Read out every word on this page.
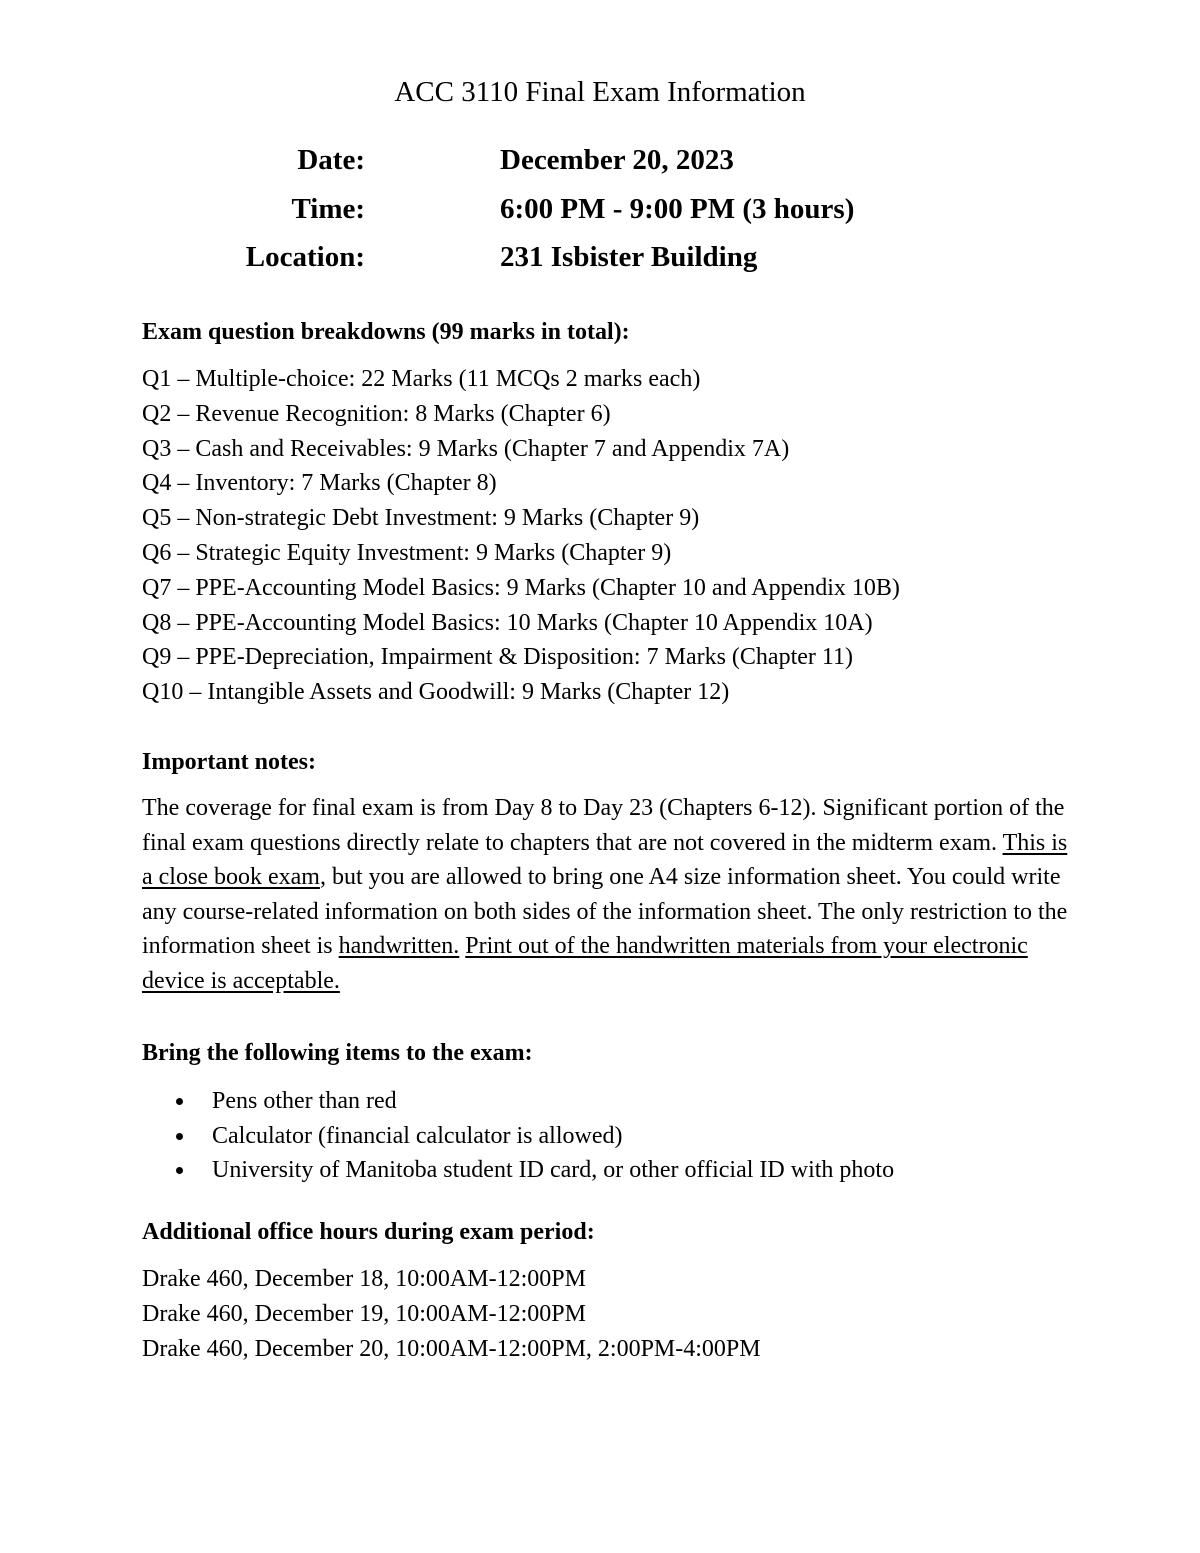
ACC 3110 Final Exam Information
Date:	December 20, 2023
Time:	6:00 PM - 9:00 PM (3 hours)
Location:	231 Isbister Building
Exam question breakdowns (99 marks in total):
Q1 – Multiple-choice: 22 Marks (11 MCQs 2 marks each)
Q2 – Revenue Recognition: 8 Marks (Chapter 6)
Q3 – Cash and Receivables: 9 Marks (Chapter 7 and Appendix 7A)
Q4 – Inventory: 7 Marks (Chapter 8)
Q5 – Non-strategic Debt Investment: 9 Marks (Chapter 9)
Q6 – Strategic Equity Investment: 9 Marks (Chapter 9)
Q7 – PPE-Accounting Model Basics: 9 Marks (Chapter 10 and Appendix 10B)
Q8 – PPE-Accounting Model Basics: 10 Marks (Chapter 10 Appendix 10A)
Q9 – PPE-Depreciation, Impairment & Disposition: 7 Marks (Chapter 11)
Q10 – Intangible Assets and Goodwill: 9 Marks (Chapter 12)
Important notes:

The coverage for final exam is from Day 8 to Day 23 (Chapters 6-12). Significant portion of the final exam questions directly relate to chapters that are not covered in the midterm exam. This is a close book exam, but you are allowed to bring one A4 size information sheet. You could write any course-related information on both sides of the information sheet. The only restriction to the information sheet is handwritten. Print out of the handwritten materials from your electronic device is acceptable.

Bring the following items to the exam:
Pens other than red
Calculator (financial calculator is allowed)
University of Manitoba student ID card, or other official ID with photo
Additional office hours during exam period:
Drake 460, December 18, 10:00AM-12:00PM
Drake 460, December 19, 10:00AM-12:00PM
Drake 460, December 20, 10:00AM-12:00PM, 2:00PM-4:00PM
